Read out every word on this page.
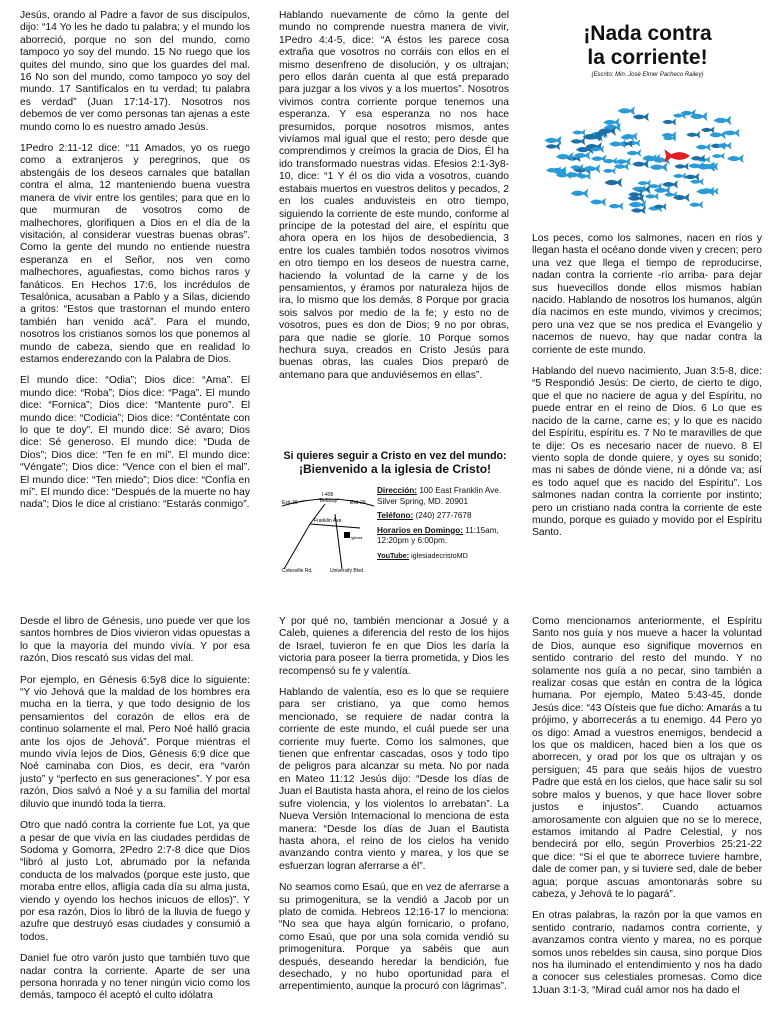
Jesús, orando al Padre a favor de sus discípulos, dijo: “14 Yo les he dado tu palabra; y el mundo los aborreció, porque no son del mundo, como tampoco yo soy del mundo. 15 No ruego que los quites del mundo, sino que los guardes del mal. 16 No son del mundo, como tampoco yo soy del mundo. 17 Santifícalos en tu verdad; tu palabra es verdad” (Juan 17:14-17). Nosotros nos debemos de ver como personas tan ajenas a este mundo como lo es nuestro amado Jesús.

1Pedro 2:11-12 dice: “11 Amados, yo os ruego como a extranjeros y peregrinos, que os abstengáis de los deseos carnales que batallan contra el alma, 12 manteniendo buena vuestra manera de vivir entre los gentiles; para que en lo que murmuran de vosotros como de malhechores, glorifiquen a Dios en el día de la visitación, al considerar vuestras buenas obras”. Como la gente del mundo no entiende nuestra esperanza en el Señor, nos ven como malhechores, aguafiestas, como bichos raros y fanáticos. En Hechos 17:6, los incrédulos de Tesalónica, acusaban a Pablo y a Silas, diciendo a gritos: “Estos que trastornan el mundo entero también han venido acá”. Para el mundo, nosotros los cristianos somos los que ponemos al mundo de cabeza, siendo que en realidad lo estamos enderezando con la Palabra de Dios.

El mundo dice: “Odia”; Dios dice: “Ama”. El mundo dice: “Roba”; Dios dice: “Paga”. El mundo dice: “Fornica”; Dios dice: “Mantente puro”. El mundo dice: “Codicia”; Dios dice: “Conténtate con lo que te doy”. El mundo dice: Sé avaro; Dios dice: Sé generoso. El mundo dice: “Duda de Dios”; Dios dice: “Ten fe en mí”. El mundo dice: “Véngate”; Dios dice: “Vence con el bien el mal”. El mundo dice: “Ten miedo”; Dios dice: “Confía en mí”. El mundo dice: “Después de la muerte no hay nada”; Dios le dice al cristiano: “Estarás conmigo”.

Hablando nuevamente de cómo la gente del mundo no comprende nuestra manera de vivir, 1Pedro 4:4-5, dice: “A éstos les parece cosa extraña que vosotros no corráis con ellos en el mismo desenfreno de disolución, y os ultrajan; pero ellos darán cuenta al que está preparado para juzgar a los vivos y a los muertos”. Nosotros vivimos contra corriente porque tenemos una esperanza. Y esa esperanza no nos hace presumidos, porque nosotros mismos, antes vivíamos mal igual que el resto; pero desde que comprendimos y creímos la gracia de Dios, Él ha ido transformado nuestras vidas. Efesios 2:1-3y8-10, dice: “1 Y él os dio vida a vosotros, cuando estabais muertos en vuestros delitos y pecados, 2 en los cuales anduvisteis en otro tiempo, siguiendo la corriente de este mundo, conforme al príncipe de la potestad del aire, el espíritu que ahora opera en los hijos de desobediencia, 3 entre los cuales también todos nosotros vivimos en otro tiempo en los deseos de nuestra carne, haciendo la voluntad de la carne y de los pensamientos, y éramos por naturaleza hijos de ira, lo mismo que los demás. 8 Porque por gracia sois salvos por medio de la fe; y esto no de vosotros, pues es don de Dios; 9 no por obras, para que nadie se gloríe. 10 Porque somos hechura suya, creados en Cristo Jesús para buenas obras, las cuales Dios preparó de antemano para que anduviésemos en ellas”.

Si quieres seguir a Cristo en vez del mundo:
¡Bienvenido a la iglesia de Cristo!
I-495
"Beltway"
Exit-30	Exit-29
Franklin Ave.
iglesia
Colesville Rd.	University Blvd.
Dirección: 100 East Franklin Ave. Silver Spring, MD. 20901
Teléfono: (240) 277-7678
Horarios en Domingo: 11:15am, 12:20pm y 6:00pm.
YouTube: iglesiadecristoMD
¡Nada contra
la corriente!
{Escrito: Min. José Elmer Pacheco Railey}

Los peces, como los salmones, nacen en ríos y llegan hasta el océano donde viven y crecen; pero una vez que llega el tiempo de reproducirse, nadan contra la corriente -río arriba- para dejar sus huevecillos donde ellos mismos habían nacido. Hablando de nosotros los humanos, algún día nacimos en este mundo, vivimos y crecimos; pero una vez que se nos predica el Evangelio y nacemos de nuevo, hay que nadar contra la corriente de este mundo.

Hablando del nuevo nacimiento, Juan 3:5-8, dice: “5 Respondió Jesús: De cierto, de cierto te digo, que el que no naciere de agua y del Espíritu, no puede entrar en el reino de Dios. 6 Lo que es nacido de la carne, carne es; y lo que es nacido del Espíritu, espíritu es. 7 No te maravilles de que te dije: Os es necesario nacer de nuevo. 8 El viento sopla de donde quiere, y oyes su sonido; mas ni sabes de dónde viene, ni a dónde va; así es todo aquel que es nacido del Espíritu”. Los salmones nadan contra la corriente por instinto; pero un cristiano nada contra la corriente de este mundo, porque es guiado y movido por el Espíritu Santo.

Desde el libro de Génesis, uno puede ver que los santos hombres de Dios vivieron vidas opuestas a lo que la mayoría del mundo vivía. Y por esa razón, Dios rescató sus vidas del mal.

Por ejemplo, en Génesis 6:5y8 dice lo siguiente: “Y vio Jehová que la maldad de los hombres era mucha en la tierra, y que todo designio de los pensamientos del corazón de ellos era de continuo solamente el mal. Pero Noé halló gracia ante los ojos de Jehová”. Porque mientras el mundo vivía lejos de Dios, Génesis 6:9 dice que Noé caminaba con Dios, es decir, era “varón justo” y “perfecto en sus generaciones”. Y por esa razón, Dios salvó a Noé y a su familia del mortal diluvio que inundó toda la tierra.

Otro que nadó contra la corriente fue Lot, ya que a pesar de que vivía en las ciudades perdidas de Sodoma y Gomorra, 2Pedro 2:7-8 dice que Dios “libró al justo Lot, abrumado por la nefanda conducta de los malvados (porque este justo, que moraba entre ellos, afligía cada día su alma justa, viendo y oyendo los hechos inicuos de ellos)”. Y por esa razón, Dios lo libró de la lluvia de fuego y azufre que destruyó esas ciudades y consumió a todos.

Daniel fue otro varón justo que también tuvo que nadar contra la corriente. Aparte de ser una persona honrada y no tener ningún vicio como los demás, tampoco él aceptó el culto idólatra

Y por qué no, también mencionar a Josué y a Caleb, quienes a diferencia del resto de los hijos de Israel, tuvieron fe en que Dios les daría la victoria para poseer la tierra prometida, y Dios les recompensó su fe y valentía.

Hablando de valentía, eso es lo que se requiere para ser cristiano, ya que como hemos mencionado, se requiere de nadar contra la corriente de este mundo, el cuál puede ser una corriente muy fuerte. Como los salmones, que tienen que enfrentar cascadas, osos y todo tipo de peligros para alcanzar su meta. No por nada en Mateo 11:12 Jesús dijo: “Desde los días de Juan el Bautista hasta ahora, el reino de los cielos sufre violencia, y los violentos lo arrebatan”. La Nueva Versión Internacional lo menciona de esta manera: “Desde los días de Juan el Bautista hasta ahora, el reino de los cielos ha venido avanzando contra viento y marea, y los que se esfuerzan logran aferrarse a él”.

No seamos como Esaú, que en vez de aferrarse a su primogenitura, se la vendió a Jacob por un plato de comida. Hebreos 12:16-17 lo menciona: “No sea que haya algún fornicario, o profano, como Esaú, que por una sola comida vendió su primogenitura. Porque ya sabéis que aun después, deseando heredar la bendición, fue desechado, y no hubo oportunidad para el arrepentimiento, aunque la procuró con lágrimas”.

Como mencionamos anteriormente, el Espíritu Santo nos guía y nos mueve a hacer la voluntad de Dios, aunque eso signifique movernos en sentido contrario del resto del mundo. Y no solamente nos guía a no pecar, sino también a realizar cosas que están en contra de la lógica humana. Por ejemplo, Mateo 5:43-45, donde Jesús dice: “43 Oísteis que fue dicho: Amarás a tu prójimo, y aborrecerás a tu enemigo. 44 Pero yo os digo: Amad a vuestros enemigos, bendecid a los que os maldicen, haced bien a los que os aborrecen, y orad por los que os ultrajan y os persiguen; 45 para que seáis hijos de vuestro Padre que está en los cielos, que hace salir su sol sobre malos y buenos, y que hace llover sobre justos e injustos”. Cuando actuamos amorosamente con alguien que no se lo merece, estamos imitando al Padre Celestial, y nos bendecirá por ello, según Proverbios 25:21-22 que dice: “Si el que te aborrece tuviere hambre, dale de comer pan, y si tuviere sed, dale de beber agua; porque ascuas amontonarás sobre su cabeza, y Jehová te lo pagará”.

En otras palabras, la razón por la que vamos en sentido contrario, nadamos contra corriente, y avanzamos contra viento y marea, no es porque somos unos rebeldes sin causa, sino porque Dios nos ha iluminado el entendimiento y nos ha dado a conocer sus celestiales promesas. Como dice 1Juan 3:1-3, “Mirad cuál amor nos ha dado el
